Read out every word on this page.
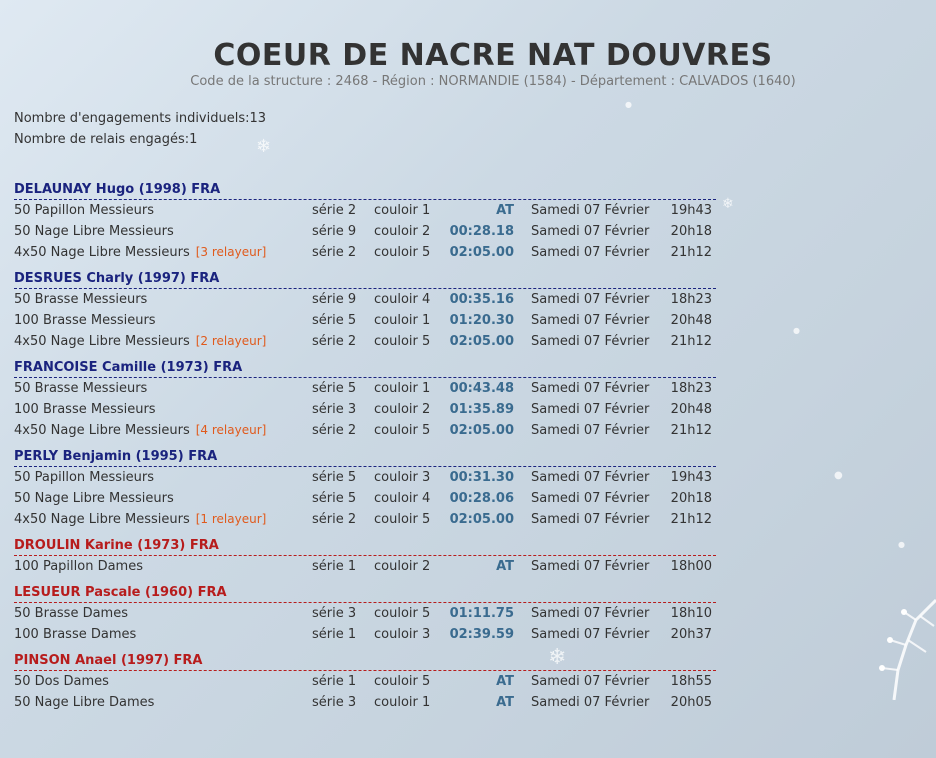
❄
❄
❄
●
●
●
●
COEUR DE NACRE NAT DOUVRES
Code de la structure : 2468 - Région : NORMANDIE (1584) - Département : CALVADOS (1640)
Nombre d'engagements individuels:13
Nombre de relais engagés:1
DELAUNAY Hugo (1998) FRA
50 Papillon Messieurs	série 2 couloir 1	AT Samedi 07 Février 19h43
50 Nage Libre Messieurs	série 9 couloir 2 00:28.18 Samedi 07 Février 20h18
4x50 Nage Libre Messieurs [3 relayeur]	série 2 couloir 5 02:05.00 Samedi 07 Février 21h12
DESRUES Charly (1997) FRA
50 Brasse Messieurs	série 9 couloir 4 00:35.16 Samedi 07 Février 18h23
100 Brasse Messieurs	série 5 couloir 1 01:20.30 Samedi 07 Février 20h48
4x50 Nage Libre Messieurs [2 relayeur]	série 2 couloir 5 02:05.00 Samedi 07 Février 21h12
FRANCOISE Camille (1973) FRA
50 Brasse Messieurs	série 5 couloir 1 00:43.48 Samedi 07 Février 18h23
100 Brasse Messieurs	série 3 couloir 2 01:35.89 Samedi 07 Février 20h48
4x50 Nage Libre Messieurs [4 relayeur]	série 2 couloir 5 02:05.00 Samedi 07 Février 21h12
PERLY Benjamin (1995) FRA
50 Papillon Messieurs	série 5 couloir 3 00:31.30 Samedi 07 Février 19h43
50 Nage Libre Messieurs	série 5 couloir 4 00:28.06 Samedi 07 Février 20h18
4x50 Nage Libre Messieurs [1 relayeur]	série 2 couloir 5 02:05.00 Samedi 07 Février 21h12
DROULIN Karine (1973) FRA
100 Papillon Dames	série 1 couloir 2	AT Samedi 07 Février 18h00
LESUEUR Pascale (1960) FRA
50 Brasse Dames	série 3 couloir 5 01:11.75 Samedi 07 Février 18h10
100 Brasse Dames	série 1 couloir 3 02:39.59 Samedi 07 Février 20h37
PINSON Anael (1997) FRA
50 Dos Dames	série 1 couloir 5	AT Samedi 07 Février 18h55
50 Nage Libre Dames	série 3 couloir 1	AT Samedi 07 Février 20h05
